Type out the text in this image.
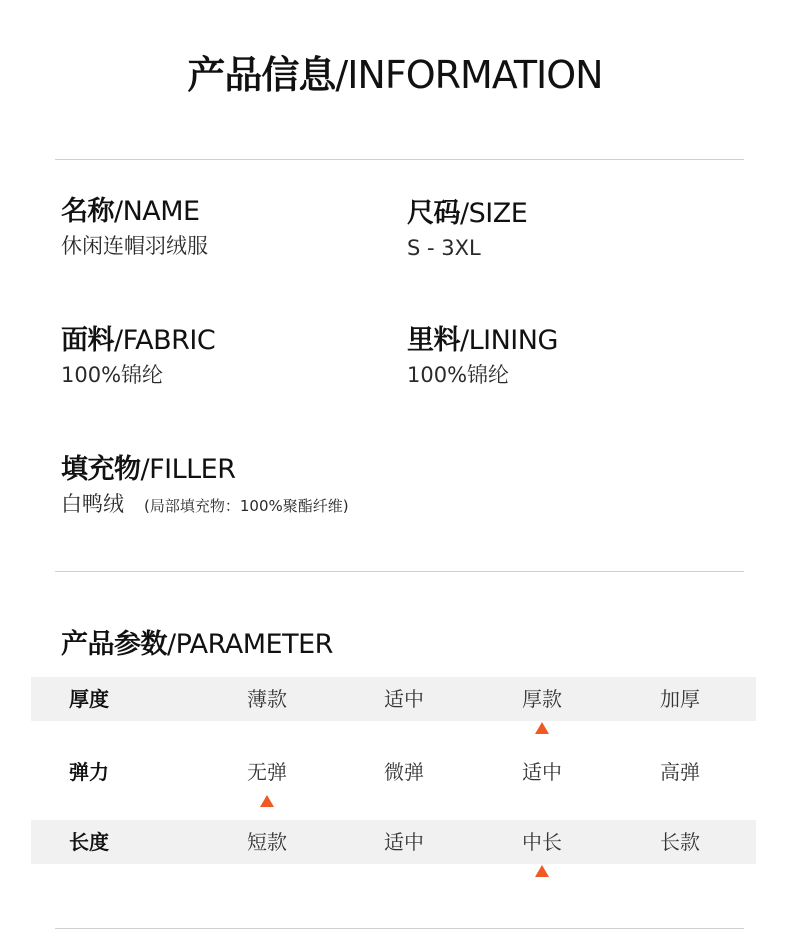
产品信息/INFORMATION
名称/NAME
休闲连帽羽绒服
尺码/SIZE
S - 3XL
面料/FABRIC
100%锦纶
里料/LINING
100%锦纶
填充物/FILLER
白鸭绒 (局部填充物：100%聚酯纤维)
产品参数/PARAMETER
厚度	薄款	适中	厚款	加厚
弹力	无弹	微弹	适中	高弹
长度	短款	适中	中长	长款
